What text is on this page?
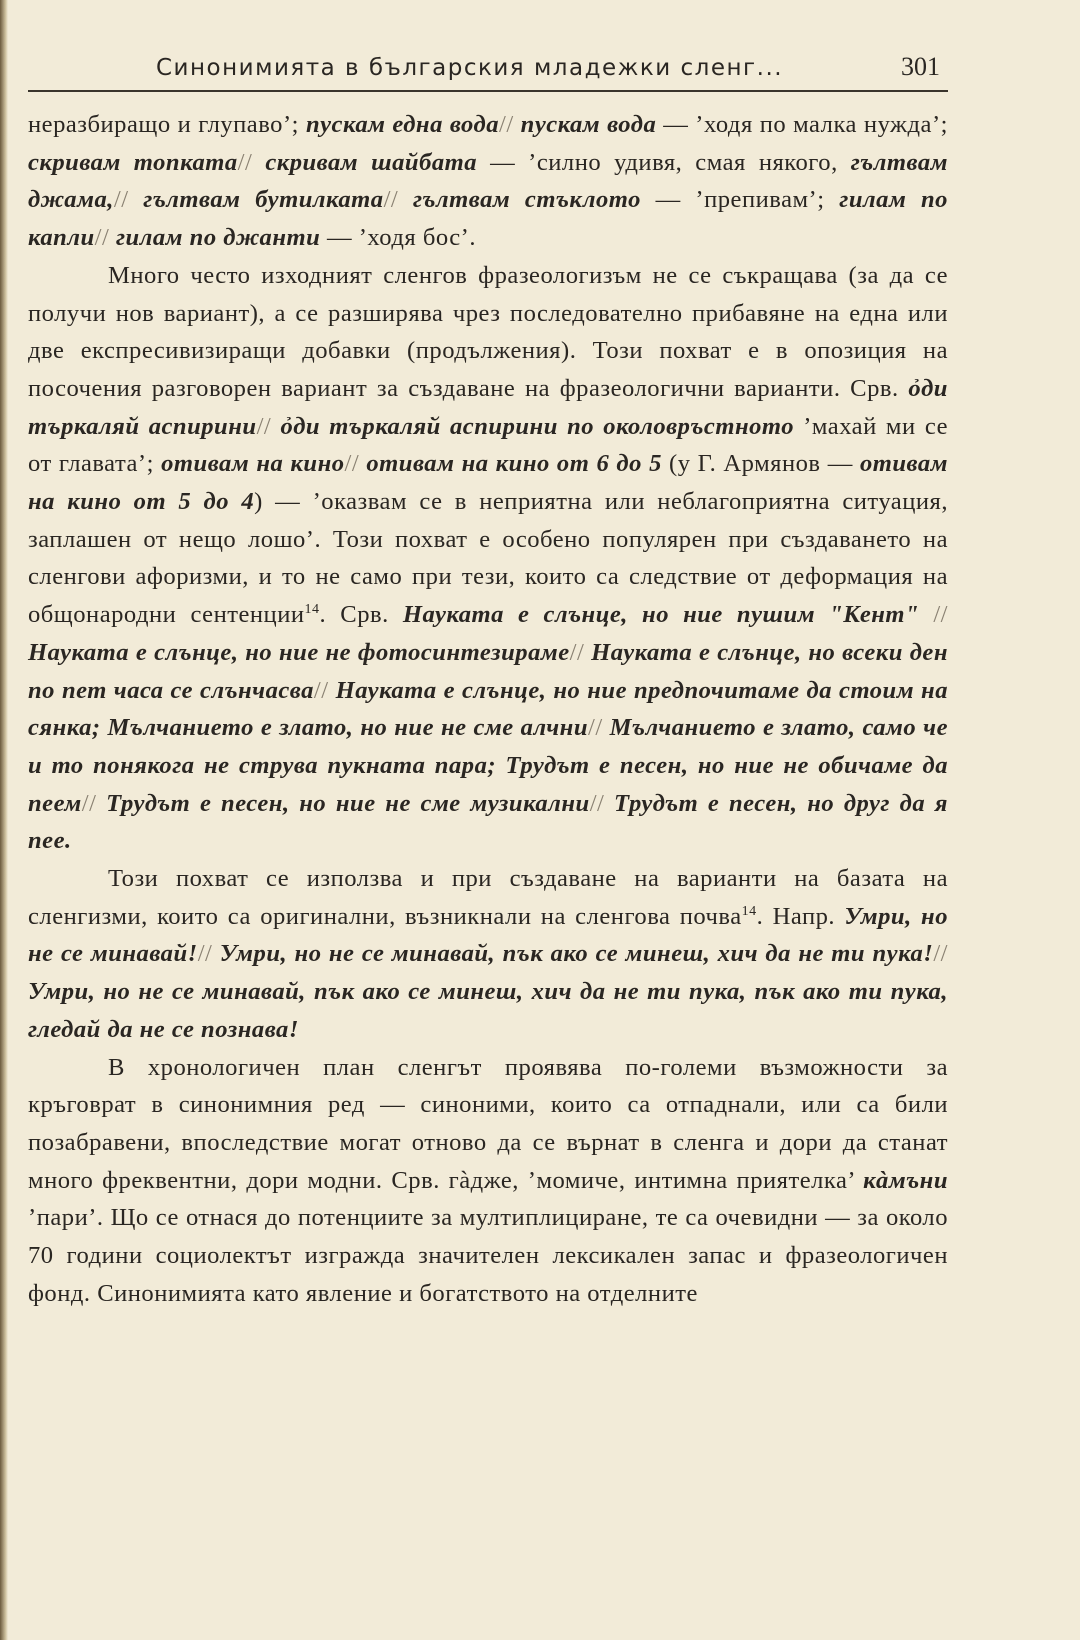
Синонимията в българския младежки сленг...	301

неразбиращо и глупаво’; пускам една вода// пускам вода — ’ходя по малка нужда’; скривам топката// скривам шайбата — ’силно удивя, смая някого, гълтвам джама,// гълтвам бутилката// гълтвам стъклото — ’препивам’; гилам по капли// гилам по джанти — ’ходя бос’.

Много често изходният сленгов фразеологизъм не се съкращава (за да се получи нов вариант), а се разширява чрез последователно прибавяне на една или две експресивизиращи добавки (продължения). Този похват е в опозиция на посочения разговорен вариант за създаване на фразеологични варианти. Срв. ỏди търкаляй аспирини// ỏди търкаляй аспирини по околовръстното ’махай ми се от главата’; отивам на кино// отивам на кино от 6 до 5 (у Г. Армянов — отивам на кино от 5 до 4) — ’оказвам се в неприятна или неблагоприятна ситуация, заплашен от нещо лошо’. Този похват е особено популярен при създаването на сленгови афоризми, и то не само при тези, които са следствие от деформация на общонародни сентенции$^{14}$. Срв. Науката е слънце, но ние пушим "Кент" // Науката е слънце, но ние не фотосинтезираме// Науката е слънце, но всеки ден по пет часа се слънчасва// Науката е слънце, но ние предпочитаме да стоим на сянка; Мълчанието е злато, но ние не сме алчни// Мълчанието е злато, само че и то понякога не струва пукната пара; Трудът е песен, но ние не обичаме да пеем// Трудът е песен, но ние не сме музикални// Трудът е песен, но друг да я пее.

Този похват се използва и при създаване на варианти на базата на сленгизми, които са оригинални, възникнали на сленгова почва$^{14}$. Напр. Умри, но не се минавай!// Умри, но не се минавай, пък ако се минеш, хич да не ти пука!// Умри, но не се минавай, пък ако се минеш, хич да не ти пука, пък ако ти пука, гледай да не се познава!

В хронологичен план сленгът проявява по-големи възможности за кръговрат в синонимния ред — синоними, които са отпаднали, или са били позабравени, впоследствие могат отново да се върнат в сленга и дори да станат много фреквентни, дори модни. Срв. гàдже, ’момиче, интимна приятелка’ кàмъни ’пари’. Що се отнася до потенциите за мултиплициране, те са очевидни — за около 70 години социолектът изгражда значителен лексикален запас и фразеологичен фонд. Синонимията като явление и богатството на отделните
